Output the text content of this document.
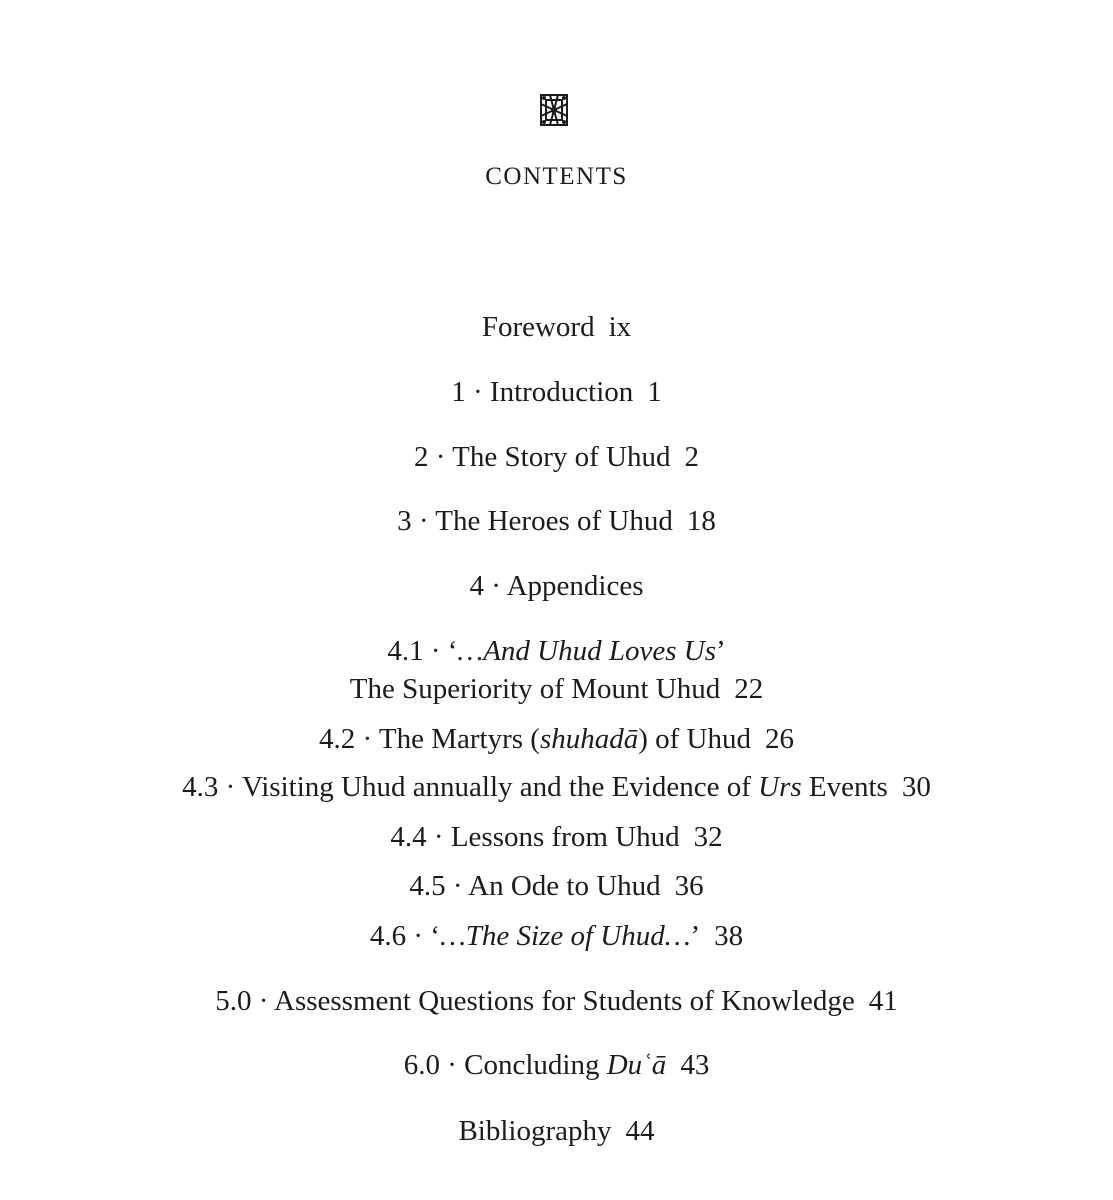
CONTENTS
Foreword ix
1 · Introduction 1
2 · The Story of Uhud 2
3 · The Heroes of Uhud 18
4 · Appendices
4.1 · ‘…And Uhud Loves Us’
The Superiority of Mount Uhud 22
4.2 · The Martyrs (shuhadā) of Uhud 26
4.3 · Visiting Uhud annually and the Evidence of Urs Events 30
4.4 · Lessons from Uhud 32
4.5 · An Ode to Uhud 36
4.6 · ‘…The Size of Uhud…’ 38
5.0 · Assessment Questions for Students of Knowledge 41
6.0 · Concluding Duʿā 43
Bibliography 44
